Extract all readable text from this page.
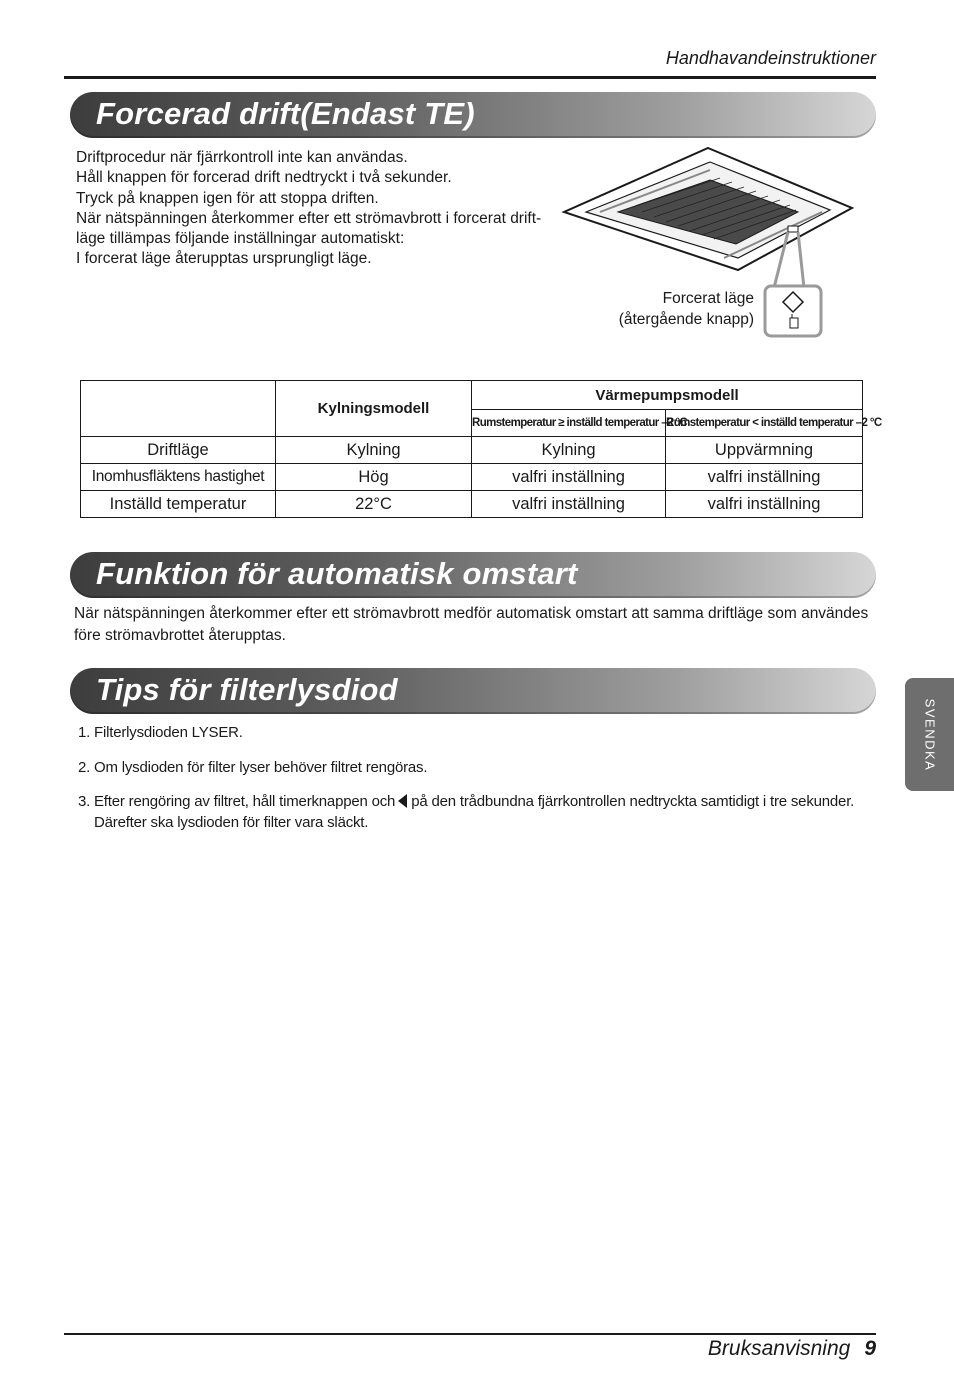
Handhavandeinstruktioner
Forcerad drift(Endast TE)
Driftprocedur när fjärrkontroll inte kan användas.
Håll knappen för forcerad drift nedtryckt i två sekunder.
Tryck på knappen igen för att stoppa driften.
När nätspänningen återkommer efter ett strömavbrott i forcerat drift-
läge tillämpas följande inställningar automatiskt:
I forcerat läge återupptas ursprungligt läge.
Forcerat läge
(återgående knapp)
	Kylningsmodell	Värmepumpsmodell	
		Rumstemperatur ≥ inställd temperatur –2 °C	Rumstemperatur < inställd temperatur –2 °C
Driftläge	Kylning	Kylning	Uppvärmning
Inomhusfläktens hastighet	Hög	valfri inställning	valfri inställning
Inställd temperatur	22°C	valfri inställning	valfri inställning
Funktion för automatisk omstart
När nätspänningen återkommer efter ett strömavbrott medför automatisk omstart att samma driftläge som användes före strömavbrottet återupptas.
Tips för filterlysdiod
1. Filterlysdioden LYSER.
2. Om lysdioden för filter lyser behöver filtret rengöras.
3. Efter rengöring av filtret, håll timerknappen och på den trådbundna fjärrkontrollen nedtryckta samtidigt i tre sekunder.
Därefter ska lysdioden för filter vara släckt.
SVENDKA
Bruksanvisning 9
